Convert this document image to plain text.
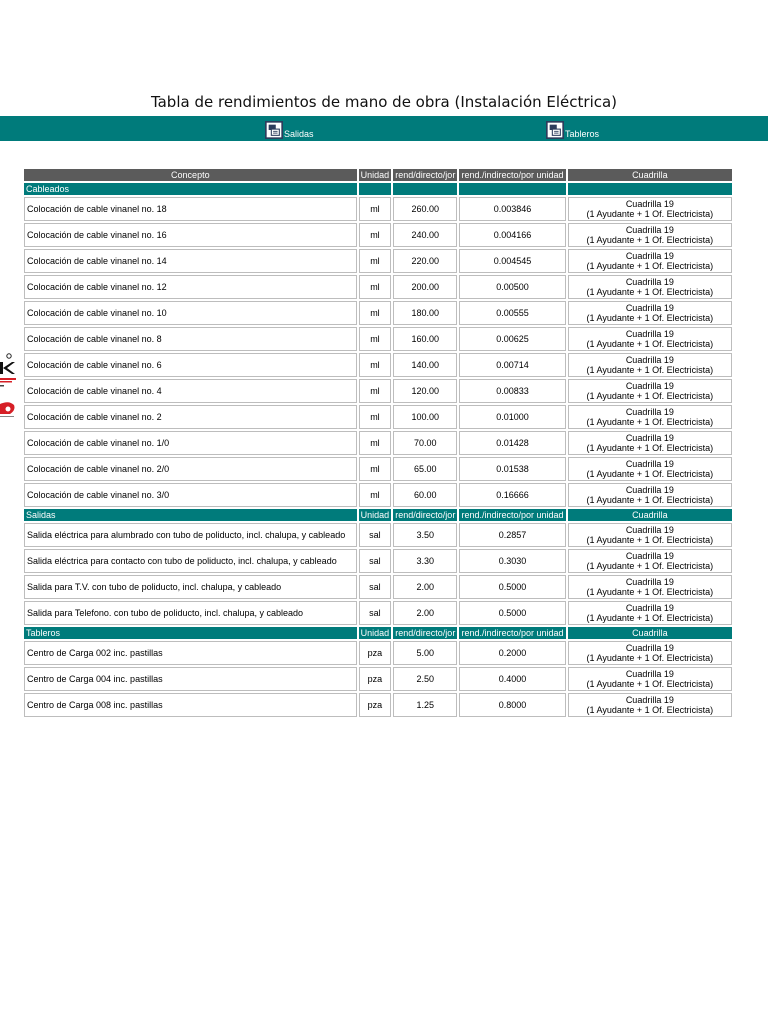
Tabla de rendimientos de mano de obra (Instalación Eléctrica)
Salidas	Tableros
Concepto	Unidad	rend/directo/jor	rend./indirecto/por unidad	Cuadrilla
Cableados				
Colocación de cable vinanel no. 18	ml	260.00	0.003846	Cuadrilla 19
(1 Ayudante + 1 Of. Electricista)

Colocación de cable vinanel no. 16	ml	240.00	0.004166	Cuadrilla 19
(1 Ayudante + 1 Of. Electricista)

Colocación de cable vinanel no. 14	ml	220.00	0.004545	Cuadrilla 19
(1 Ayudante + 1 Of. Electricista)

Colocación de cable vinanel no. 12	ml	200.00	0.00500	Cuadrilla 19
(1 Ayudante + 1 Of. Electricista)

Colocación de cable vinanel no. 10	ml	180.00	0.00555	Cuadrilla 19
(1 Ayudante + 1 Of. Electricista)

Colocación de cable vinanel no. 8	ml	160.00	0.00625	Cuadrilla 19
(1 Ayudante + 1 Of. Electricista)

Colocación de cable vinanel no. 6	ml	140.00	0.00714	Cuadrilla 19
(1 Ayudante + 1 Of. Electricista)

Colocación de cable vinanel no. 4	ml	120.00	0.00833	Cuadrilla 19
(1 Ayudante + 1 Of. Electricista)

Colocación de cable vinanel no. 2	ml	100.00	0.01000	Cuadrilla 19
(1 Ayudante + 1 Of. Electricista)

Colocación de cable vinanel no. 1/0	ml	70.00	0.01428	Cuadrilla 19
(1 Ayudante + 1 Of. Electricista)

Colocación de cable vinanel no. 2/0	ml	65.00	0.01538	Cuadrilla 19
(1 Ayudante + 1 Of. Electricista)

Colocación de cable vinanel no. 3/0	ml	60.00	0.16666	Cuadrilla 19
(1 Ayudante + 1 Of. Electricista)

Salidas	Unidad	rend/directo/jor	rend./indirecto/por unidad	Cuadrilla
Salida eléctrica para alumbrado con tubo de poliducto, incl. chalupa, y cableado	sal	3.50	0.2857	Cuadrilla 19
(1 Ayudante + 1 Of. Electricista)

Salida eléctrica para contacto con tubo de poliducto, incl. chalupa, y cableado	sal	3.30	0.3030	Cuadrilla 19
(1 Ayudante + 1 Of. Electricista)

Salida para T.V. con tubo de poliducto, incl. chalupa, y cableado	sal	2.00	0.5000	Cuadrilla 19
(1 Ayudante + 1 Of. Electricista)

Salida para Telefono. con tubo de poliducto, incl. chalupa, y cableado	sal	2.00	0.5000	Cuadrilla 19
(1 Ayudante + 1 Of. Electricista)

Tableros	Unidad	rend/directo/jor	rend./indirecto/por unidad	Cuadrilla
Centro de Carga 002 inc. pastillas	pza	5.00	0.2000	Cuadrilla 19
(1 Ayudante + 1 Of. Electricista)

Centro de Carga 004 inc. pastillas	pza	2.50	0.4000	Cuadrilla 19
(1 Ayudante + 1 Of. Electricista)

Centro de Carga 008 inc. pastillas	pza	1.25	0.8000	Cuadrilla 19
(1 Ayudante + 1 Of. Electricista)
